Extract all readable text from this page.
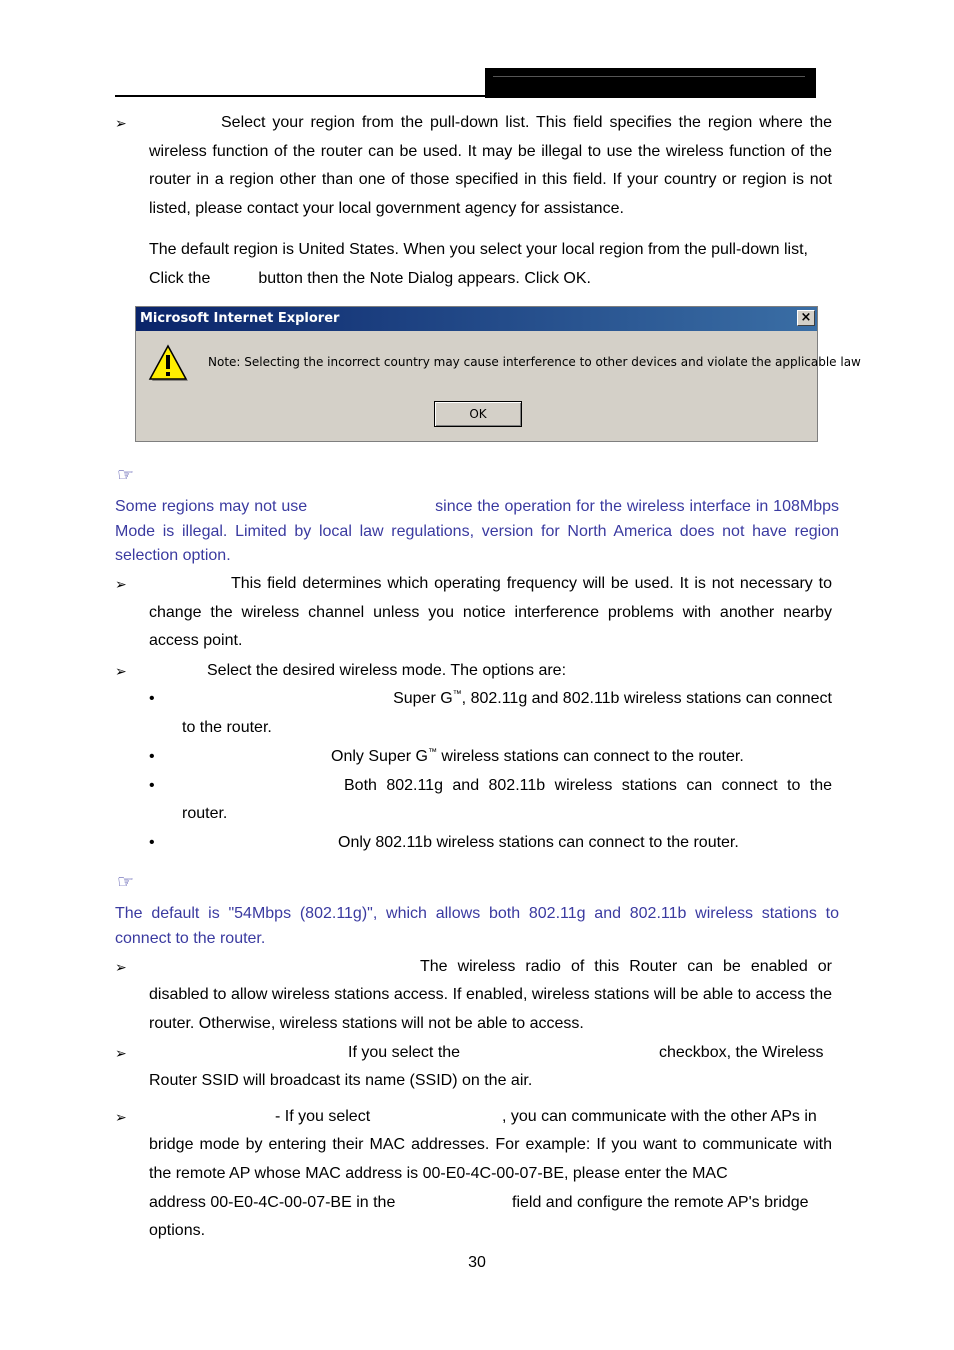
➢	Select your region from the pull-down list. This field specifies the region where the wireless function of the router can be used. It may be illegal to use the wireless function of the router in a region other than one of those specified in this field. If your country or region is not listed, please contact your local government agency for assistance.
The default region is United States. When you select your local region from the pull-down list,
Click the	button then the Note Dialog appears. Click OK.
Microsoft Internet Explorer	×
Note: Selecting the incorrect country may cause interference to other devices and violate the applicable law
OK
☞
Some regions may not use	since the operation for the wireless interface in 108Mbps Mode is illegal. Limited by local law regulations, version for North America does not have region selection option.
➢	This field determines which operating frequency will be used. It is not necessary to change the wireless channel unless you notice interference problems with another nearby access point.
➢	Select the desired wireless mode. The options are:
•	Super G™, 802.11g and 802.11b wireless stations can connect
to the router.
•	Only Super G™ wireless stations can connect to the router.
•	Both 802.11g and 802.11b wireless stations can connect to the
router.
•	Only 802.11b wireless stations can connect to the router.
☞
The default is "54Mbps (802.11g)", which allows both 802.11g and 802.11b wireless stations to connect to the router.
➢	The wireless radio of this Router can be enabled or
disabled to allow wireless stations access. If enabled, wireless stations will be able to access the router. Otherwise, wireless stations will not be able to access.
➢	If you select the	checkbox, the Wireless
Router SSID will broadcast its name (SSID) on the air.
➢	- If you select	, you can communicate with the other APs in
bridge mode by entering their MAC addresses. For example: If you want to communicate with the remote AP whose MAC address is 00-E0-4C-00-07-BE, please enter the MAC
address 00-E0-4C-00-07-BE in the	field and configure the remote AP's bridge
options.
30
